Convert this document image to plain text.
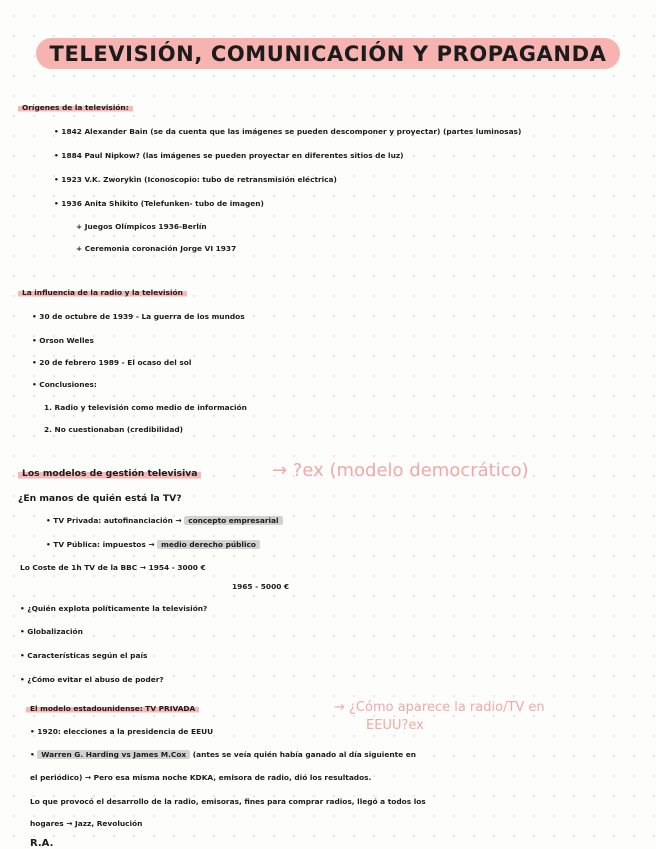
TELEVISIÓN, COMUNICACIÓN Y PROPAGANDA
Orígenes de la televisión:
• 1842 Alexander Bain (se da cuenta que las imágenes se pueden descomponer y proyectar) (partes luminosas)
• 1884 Paul Nipkow? (las imágenes se pueden proyectar en diferentes sitios de luz)
• 1923 V.K. Zworykin (Iconoscopio: tubo de retransmisión eléctrica)
• 1936 Anita Shikito (Telefunken- tubo de imagen)
+ Juegos Olímpicos 1936-Berlín
+ Ceremonia coronación Jorge VI 1937
La influencia de la radio y la televisión
• 30 de octubre de 1939 - La guerra de los mundos
• Orson Welles
• 20 de febrero 1989 - El ocaso del sol
• Conclusiones:
1. Radio y televisión como medio de información
2. No cuestionaban (credibilidad)
Los modelos de gestión televisiva	→ ?ex (modelo democrático)
¿En manos de quién está la TV?
• TV Privada: autofinanciación → concepto empresarial
• TV Pública: impuestos → medio derecho público
Lo Coste de 1h TV de la BBC → 1954 - 3000 €
1965 - 5000 €
• ¿Quién explota políticamente la televisión?
• Globalización
• Características según el país
• ¿Cómo evitar el abuso de poder?
El modelo estadounidense: TV PRIVADA	→ ¿Cómo aparece la radio/TV en
EEUU?ex
• 1920: elecciones a la presidencia de EEUU
• Warren G. Harding vs James M.Cox (antes se veía quién había ganado al día siguiente en
el periódico) → Pero esa misma noche KDKA, emisora de radio, dió los resultados.
Lo que provocó el desarrollo de la radio, emisoras, fines para comprar radios, llegó a todos los
hogares → Jazz, Revolución
R.A.
